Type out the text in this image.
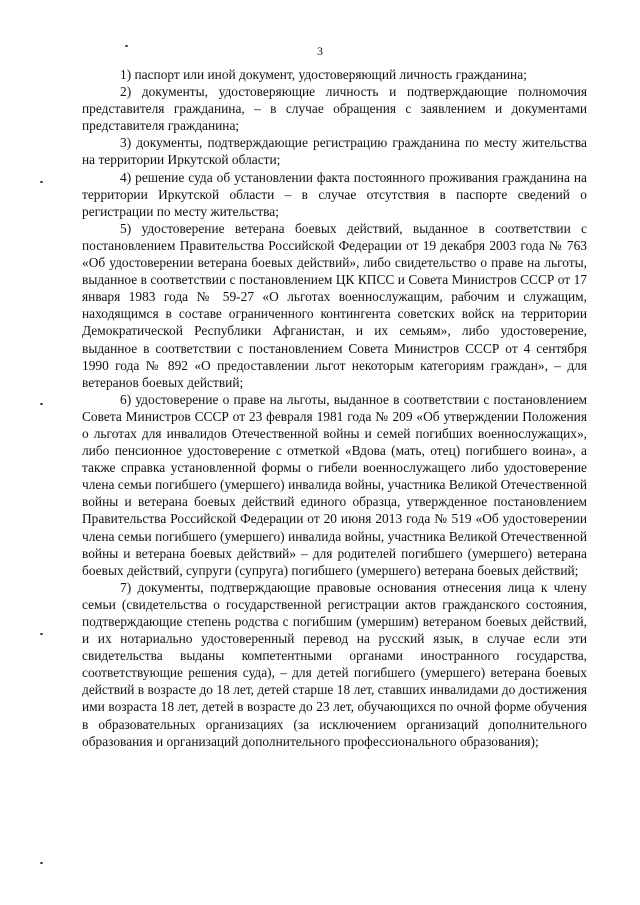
3

1) паспорт или иной документ, удостоверяющий личность гражданина;

2) документы, удостоверяющие личность и подтверждающие полномочия представителя гражданина, – в случае обращения с заявлением и документами представителя гражданина;

3) документы, подтверждающие регистрацию гражданина по месту жительства на территории Иркутской области;

4) решение суда об установлении факта постоянного проживания гражданина на территории Иркутской области – в случае отсутствия в паспорте сведений о регистрации по месту жительства;

5) удостоверение ветерана боевых действий, выданное в соответствии с постановлением Правительства Российской Федерации от 19 декабря 2003 года № 763 «Об удостоверении ветерана боевых действий», либо свидетельство о праве на льготы, выданное в соответствии с постановлением ЦК КПСС и Совета Министров СССР от 17 января 1983 года № 59-27 «О льготах военнослужащим, рабочим и служащим, находящимся в составе ограниченного контингента советских войск на территории Демократической Республики Афганистан, и их семьям», либо удостоверение, выданное в соответствии с постановлением Совета Министров СССР от 4 сентября 1990 года № 892 «О предоставлении льгот некоторым категориям граждан», – для ветеранов боевых действий;

6) удостоверение о праве на льготы, выданное в соответствии с постановлением Совета Министров СССР от 23 февраля 1981 года № 209 «Об утверждении Положения о льготах для инвалидов Отечественной войны и семей погибших военнослужащих», либо пенсионное удостоверение с отметкой «Вдова (мать, отец) погибшего воина», а также справка установленной формы о гибели военнослужащего либо удостоверение члена семьи погибшего (умершего) инвалида войны, участника Великой Отечественной войны и ветерана боевых действий единого образца, утвержденное постановлением Правительства Российской Федерации от 20 июня 2013 года № 519 «Об удостоверении члена семьи погибшего (умершего) инвалида войны, участника Великой Отечественной войны и ветерана боевых действий» – для родителей погибшего (умершего) ветерана боевых действий, супруги (супруга) погибшего (умершего) ветерана боевых действий;

7) документы, подтверждающие правовые основания отнесения лица к члену семьи (свидетельства о государственной регистрации актов гражданского состояния, подтверждающие степень родства с погибшим (умершим) ветераном боевых действий, и их нотариально удостоверенный перевод на русский язык, в случае если эти свидетельства выданы компетентными органами иностранного государства, соответствующие решения суда), – для детей погибшего (умершего) ветерана боевых действий в возрасте до 18 лет, детей старше 18 лет, ставших инвалидами до достижения ими возраста 18 лет, детей в возрасте до 23 лет, обучающихся по очной форме обучения в образовательных организациях (за исключением организаций дополнительного образования и организаций дополнительного профессионального образования);
